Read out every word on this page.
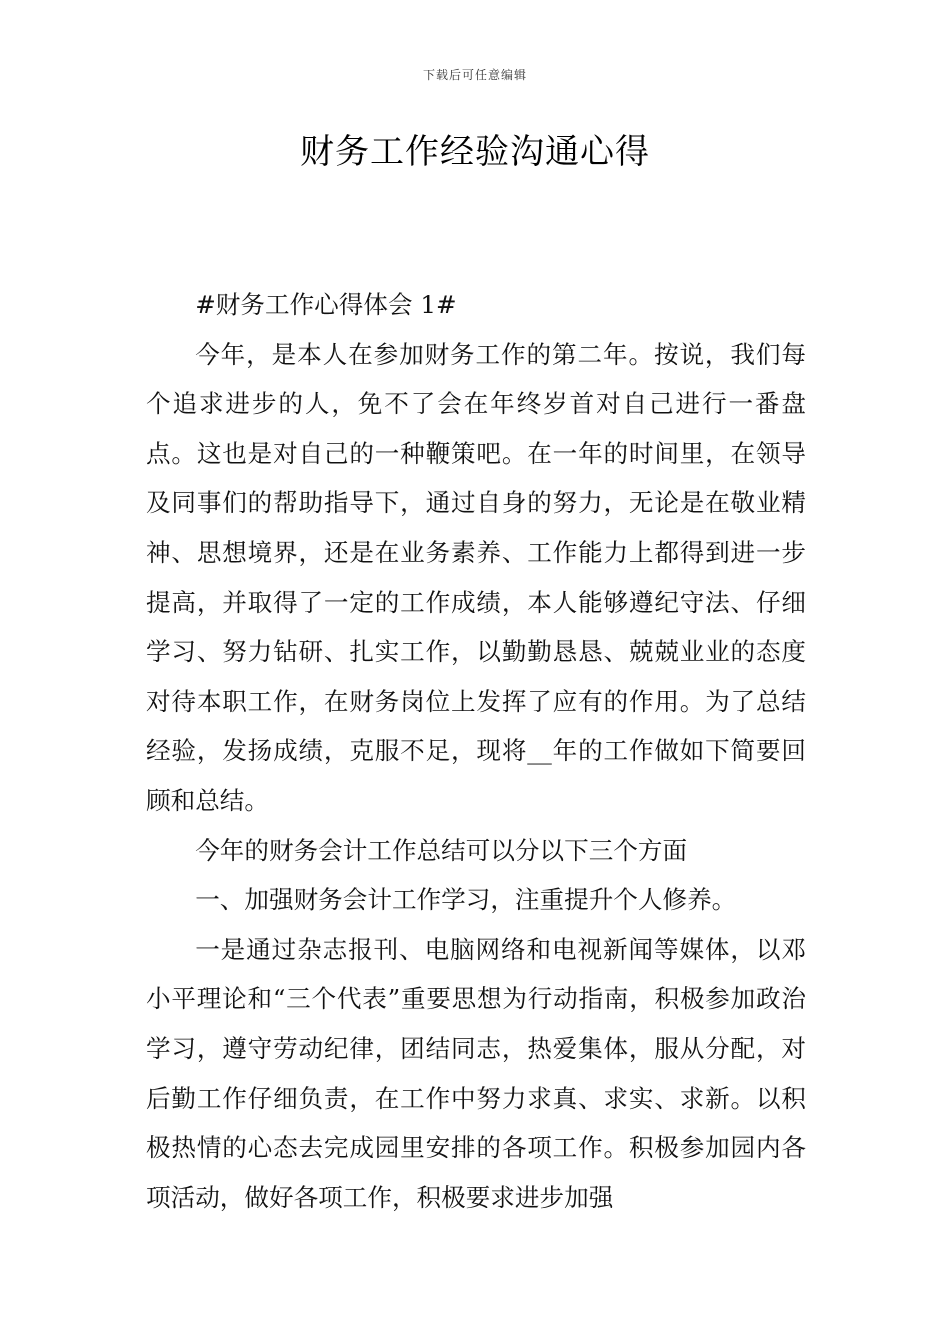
下载后可任意编辑
财务工作经验沟通心得

#财务工作心得体会 1#

今年，是本人在参加财务工作的第二年。按说，我们每个追求进步的人，免不了会在年终岁首对自己进行一番盘点。这也是对自己的一种鞭策吧。在一年的时间里，在领导及同事们的帮助指导下，通过自身的努力，无论是在敬业精神、思想境界，还是在业务素养、工作能力上都得到进一步提高，并取得了一定的工作成绩，本人能够遵纪守法、仔细学习、努力钻研、扎实工作，以勤勤恳恳、兢兢业业的态度对待本职工作，在财务岗位上发挥了应有的作用。为了总结经验，发扬成绩，克服不足，现将__年的工作做如下简要回顾和总结。

今年的财务会计工作总结可以分以下三个方面

一、加强财务会计工作学习，注重提升个人修养。

一是通过杂志报刊、电脑网络和电视新闻等媒体，以邓小平理论和“三个代表”重要思想为行动指南，积极参加政治学习，遵守劳动纪律，团结同志，热爱集体，服从分配，对后勤工作仔细负责，在工作中努力求真、求实、求新。以积极热情的心态去完成园里安排的各项工作。积极参加园内各项活动，做好各项工作，积极要求进步加强
